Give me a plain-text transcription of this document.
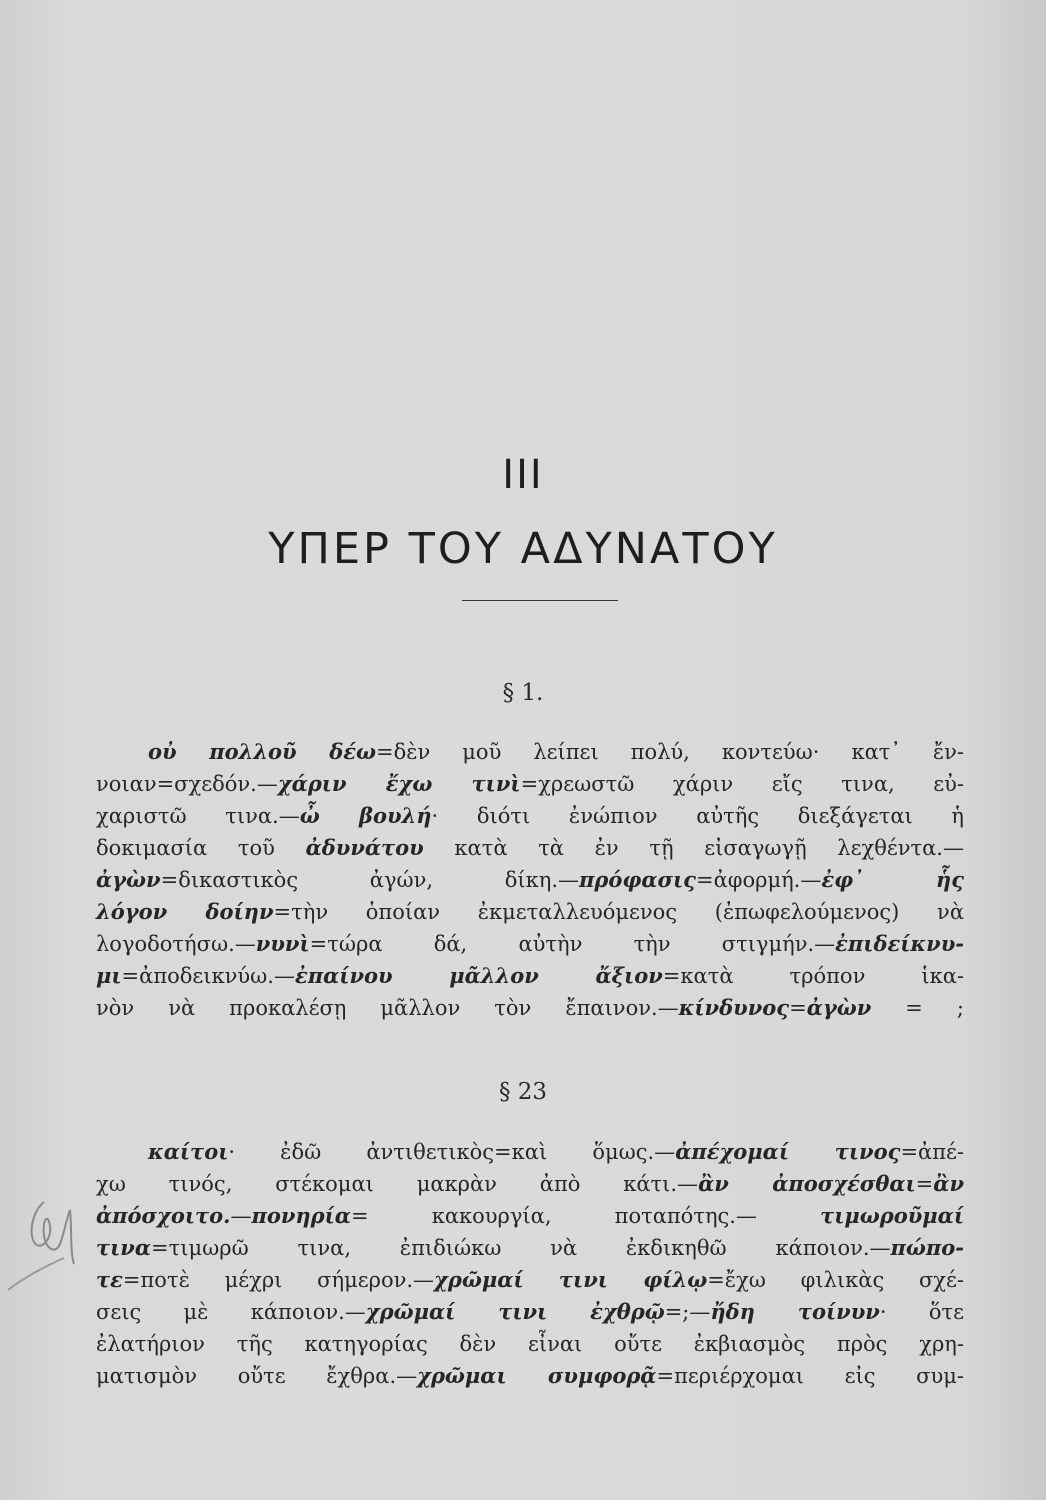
III
ΥΠΕΡ ΤΟΥ ΑΔΥΝΑΤΟΥ
§ 1.
οὐ πολλοῦ δέω=δὲν μοῦ λείπει πολύ, κοντεύω· κατ᾽ ἔν-
νοιαν=σχεδόν.—χάριν ἔχω τινὶ=χρεωστῶ χάριν εἴς τινα, εὐ-
χαριστῶ τινα.—ὦ βουλή· διότι ἐνώπιον αὐτῆς διεξάγεται ἡ
δοκιμασία τοῦ ἀδυνάτου κατὰ τὰ ἐν τῇ εἰσαγωγῇ λεχθέντα.—
ἀγὼν=δικαστικὸς ἀγών, δίκη.—πρόφασις=ἀφορμή.—ἐφ᾽ ἧς
λόγον δοίην=τὴν ὁποίαν ἐκμεταλλευόμενος (ἐπωφελούμενος) νὰ
λογοδοτήσω.—νυνὶ=τώρα δά, αὐτὴν τὴν στιγμήν.—ἐπιδείκνυ-
μι=ἀποδεικνύω.—ἐπαίνου μᾶλλον ἄξιον=κατὰ τρόπον ἱκα-
νὸν νὰ προκαλέσῃ μᾶλλον τὸν ἔπαινον.—κίνδυνος=ἀγὼν = ;
§ 23
καίτοι· ἐδῶ ἀντιθετικὸς=καὶ ὅμως.—ἀπέχομαί τινος=ἀπέ-
χω τινός, στέκομαι μακρὰν ἀπὸ κάτι.—ἂν ἀποσχέσθαι=ἂν
ἀπόσχοιτο.—πονηρία= κακουργία, ποταπότης.— τιμωροῦμαί
τινα=τιμωρῶ τινα, ἐπιδιώκω νὰ ἐκδικηθῶ κάποιον.—πώπο-
τε=ποτὲ μέχρι σήμερον.—χρῶμαί τινι φίλῳ=ἔχω φιλικὰς σχέ-
σεις μὲ κάποιον.—χρῶμαί τινι ἐχθρῷ=;—ἤδη τοίνυν· ὅτε
ἐλατήριον τῆς κατηγορίας δὲν εἶναι οὔτε ἐκβιασμὸς πρὸς χρη-
ματισμὸν οὔτε ἔχθρα.—χρῶμαι συμφορᾷ=περιέρχομαι εἰς συμ-
